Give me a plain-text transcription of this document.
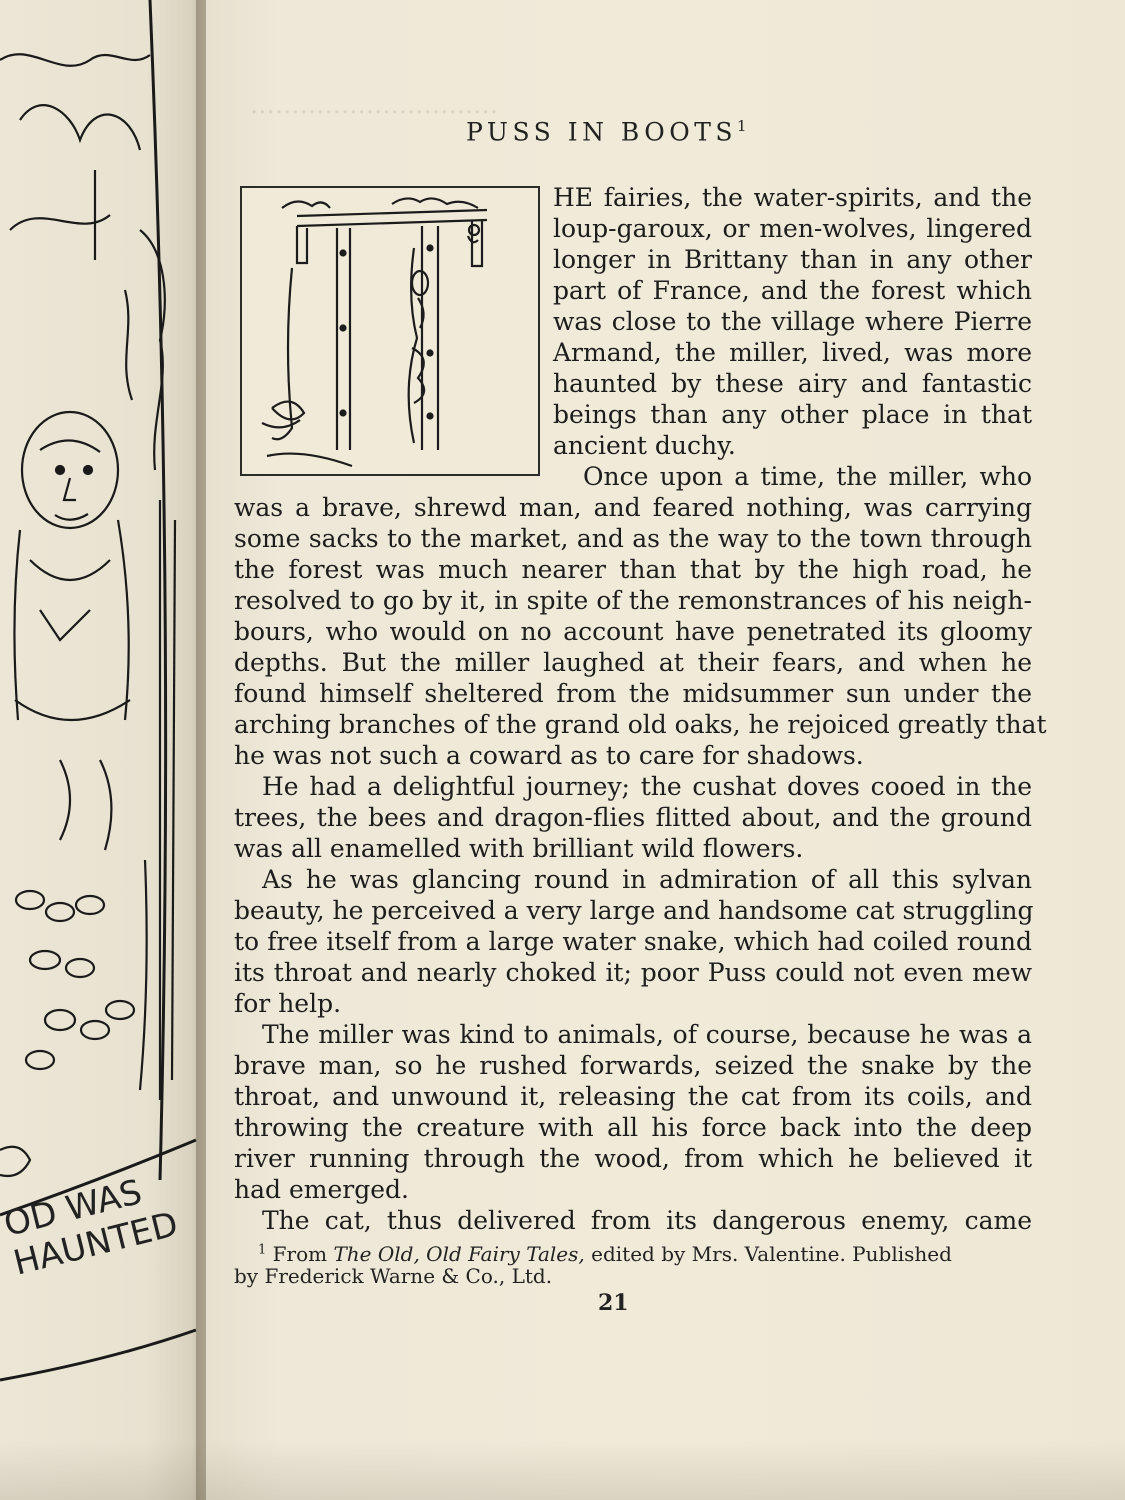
OD WAS HAUNTED
······························
PUSS IN BOOTS$^1$
HE fairies, the water-spirits, and the
loup-garoux, or men-wolves, lingered
longer in Brittany than in any other
part of France, and the forest which
was close to the village where Pierre
Armand, the miller, lived, was more
haunted by these airy and fantastic
beings than any other place in that
ancient duchy.
Once upon a time, the miller, who
was a brave, shrewd man, and feared nothing, was carrying
some sacks to the market, and as the way to the town through
the forest was much nearer than that by the high road, he
resolved to go by it, in spite of the remonstrances of his neigh-
bours, who would on no account have penetrated its gloomy
depths. But the miller laughed at their fears, and when he
found himself sheltered from the midsummer sun under the
arching branches of the grand old oaks, he rejoiced greatly that
he was not such a coward as to care for shadows.
He had a delightful journey; the cushat doves cooed in the
trees, the bees and dragon-flies flitted about, and the ground
was all enamelled with brilliant wild flowers.
As he was glancing round in admiration of all this sylvan
beauty, he perceived a very large and handsome cat struggling
to free itself from a large water snake, which had coiled round
its throat and nearly choked it; poor Puss could not even mew
for help.
The miller was kind to animals, of course, because he was a
brave man, so he rushed forwards, seized the snake by the
throat, and unwound it, releasing the cat from its coils, and
throwing the creature with all his force back into the deep
river running through the wood, from which he believed it
had emerged.
The cat, thus delivered from its dangerous enemy, came
$^1$ From The Old, Old Fairy Tales, edited by Mrs. Valentine. Published
by Frederick Warne & Co., Ltd.
21
